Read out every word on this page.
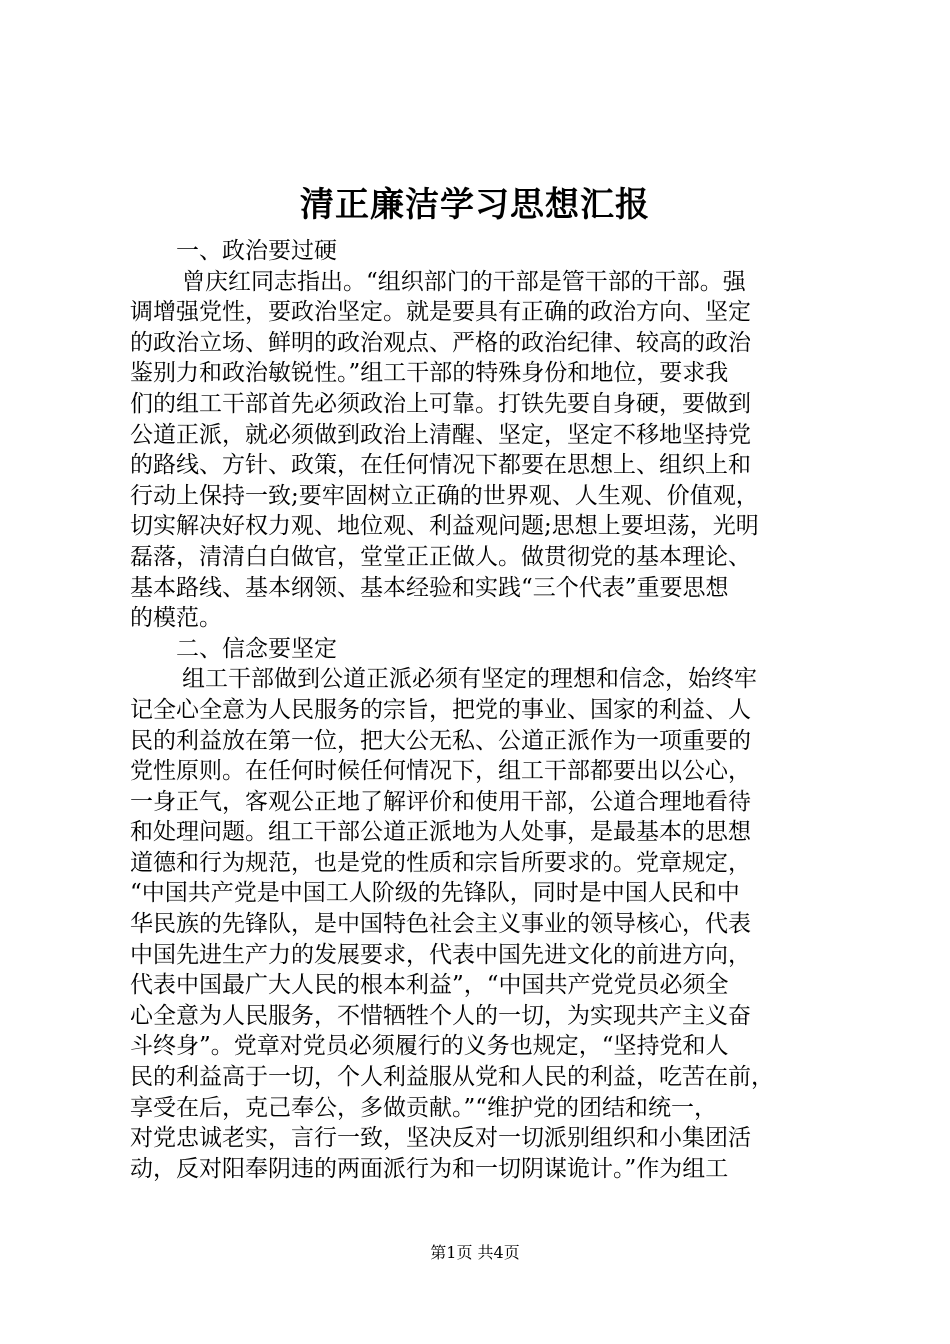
清正廉洁学习思想汇报
一、政治要过硬
曾庆红同志指出。“组织部门的干部是管干部的干部。强
调增强党性，要政治坚定。就是要具有正确的政治方向、坚定
的政治立场、鲜明的政治观点、严格的政治纪律、较高的政治
鉴别力和政治敏锐性。”组工干部的特殊身份和地位，要求我
们的组工干部首先必须政治上可靠。打铁先要自身硬，要做到
公道正派，就必须做到政治上清醒、坚定，坚定不移地坚持党
的路线、方针、政策，在任何情况下都要在思想上、组织上和
行动上保持一致;要牢固树立正确的世界观、人生观、价值观，
切实解决好权力观、地位观、利益观问题;思想上要坦荡，光明
磊落，清清白白做官，堂堂正正做人。做贯彻党的基本理论、
基本路线、基本纲领、基本经验和实践“三个代表”重要思想
的模范。
二、信念要坚定
组工干部做到公道正派必须有坚定的理想和信念，始终牢
记全心全意为人民服务的宗旨，把党的事业、国家的利益、人
民的利益放在第一位，把大公无私、公道正派作为一项重要的
党性原则。在任何时候任何情况下，组工干部都要出以公心，
一身正气，客观公正地了解评价和使用干部，公道合理地看待
和处理问题。组工干部公道正派地为人处事，是最基本的思想
道德和行为规范，也是党的性质和宗旨所要求的。党章规定，
“中国共产党是中国工人阶级的先锋队，同时是中国人民和中
华民族的先锋队，是中国特色社会主义事业的领导核心，代表
中国先进生产力的发展要求，代表中国先进文化的前进方向，
代表中国最广大人民的根本利益”，“中国共产党党员必须全
心全意为人民服务，不惜牺牲个人的一切，为实现共产主义奋
斗终身”。党章对党员必须履行的义务也规定，“坚持党和人
民的利益高于一切，个人利益服从党和人民的利益，吃苦在前，
享受在后，克己奉公，多做贡献。”“维护党的团结和统一，
对党忠诚老实，言行一致，坚决反对一切派别组织和小集团活
动，反对阳奉阴违的两面派行为和一切阴谋诡计。”作为组工
第1页 共4页
